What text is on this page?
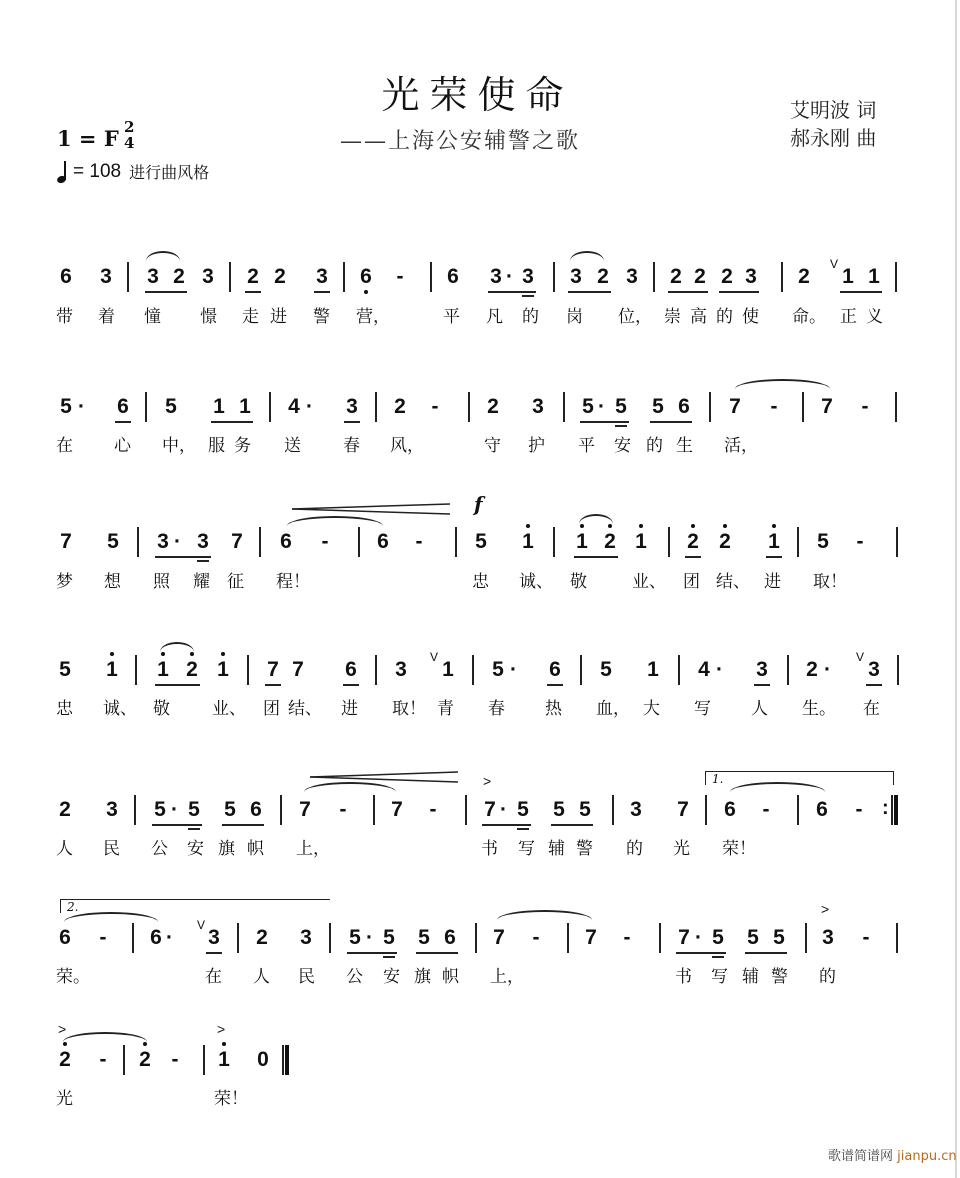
光荣使命
——上海公安辅警之歌
艾明波 词
郝永刚 曲
1 = F 2
4
= 108 进行曲风格
6 3 3 2 3 2 2 3 6 - 6 3 · 3 3 2 3 2 2 2 3 2
V
1 1
带 着 憧 憬 走 进 警 营，	平 凡 的 岗 位， 崇 高 的 使 命。 正 义
5 · 6 5 1 1 4 · 3 2 - 2 3 5 · 5 5 6 7 - 7 -
在 心 中， 服 务 送 春 风，	守 护 平 安 的 生 活，
f
7 5 3 · 3 7 6 - 6 -	5 1 1 2 1 2 2 1 5 -
梦 想 照 耀 征 程！	忠 诚、 敬	业、 团 结、 进 取！
5 1 1 2 1 7 7 6 3
V
1 5 · 6 5 1 4 · 3 2 ·
V
3
忠 诚、 敬 业、 团 结、 进 取！ 青 春 热 血， 大 写 人 生。 在
1.
2 3 5 · 5 5 6 7 - 7 -
>
7 · 5 5 5 3 7 6 - 6 - :
人 民 公 安 旗 帜 上，	书 写 辅 警 的 光 荣！
2.
6 - 6 ·
V
3 2 3 5 · 5 5 6 7 - 7 - 7 · 5 5 5
>
3 -
荣。	在 人 民 公 安 旗 帜 上，	书 写 辅 警 的
>
2 - 2 -
>
1 0
光	荣！
歌谱简谱网 jianpu.cn
